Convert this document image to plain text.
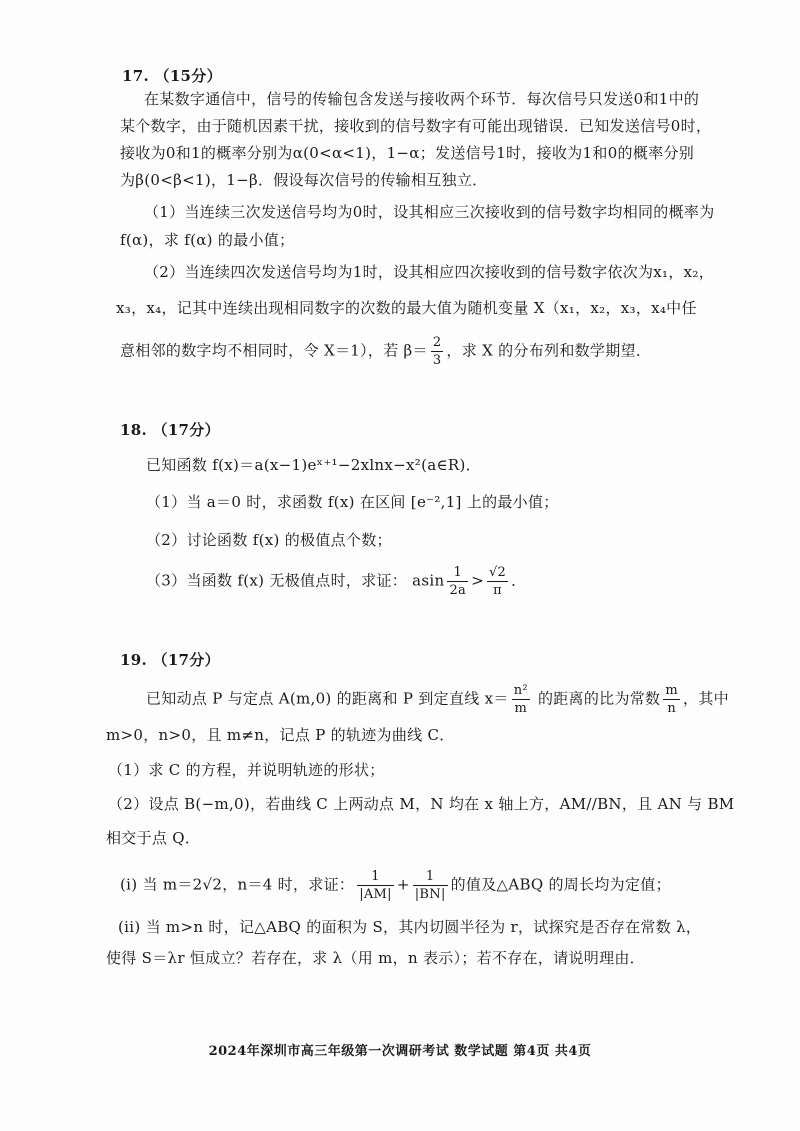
17. （15分）
在某数字通信中，信号的传输包含发送与接收两个环节．每次信号只发送0和1中的
某个数字，由于随机因素干扰，接收到的信号数字有可能出现错误．已知发送信号0时，
接收为0和1的概率分别为α(0<α<1)，1−α；发送信号1时，接收为1和0的概率分别
为β(0<β<1)，1−β．假设每次信号的传输相互独立．
（1）当连续三次发送信号均为0时，设其相应三次接收到的信号数字均相同的概率为
f(α)，求 f(α) 的最小值；
（2）当连续四次发送信号均为1时，设其相应四次接收到的信号数字依次为x₁，x₂，
x₃，x₄，记其中连续出现相同数字的次数的最大值为随机变量 X（x₁，x₂，x₃，x₄中任
意相邻的数字均不相同时，令 X＝1），若 $\beta= \frac{2}{3}$ ，求 X 的分布列和数学期望．
18. （17分）
已知函数 f(x)＝a(x−1)eˣ⁺¹−2xlnx−x²(a∈R)．
（1）当 a＝0 时，求函数 f(x) 在区间 [e⁻²,1] 上的最小值；
（2）讨论函数 f(x) 的极值点个数；
（3）当函数 f(x) 无极值点时，求证： asin $\frac{1}{2a} > \frac{√2}{\pi}$ ．
19. （17分）
已知动点 P 与定点 A(m,0) 的距离和 P 到定直线 $x= \frac{\text{n²}}{m}$ 的距离的比为常数 $\frac{m}{n}$ ，其中
m>0，n>0，且 m≠n，记点 P 的轨迹为曲线 C．
（1）求 C 的方程，并说明轨迹的形状；
（2）设点 B(−m,0)，若曲线 C 上两动点 M，N 均在 x 轴上方，AM//BN，且 AN 与 BM
相交于点 Q．
(i) 当 m＝2√2，n＝4 时，求证： $\frac{1}{|AM|} + \frac{1}{|BN|}$ 的值及△ABQ 的周长均为定值；
(ii) 当 m>n 时，记△ABQ 的面积为 S，其内切圆半径为 r，试探究是否存在常数 λ，
使得 S＝λr 恒成立？若存在，求 λ（用 m，n 表示）；若不存在，请说明理由．
2024年深圳市高三年级第一次调研考试 数学试题 第4页 共4页
